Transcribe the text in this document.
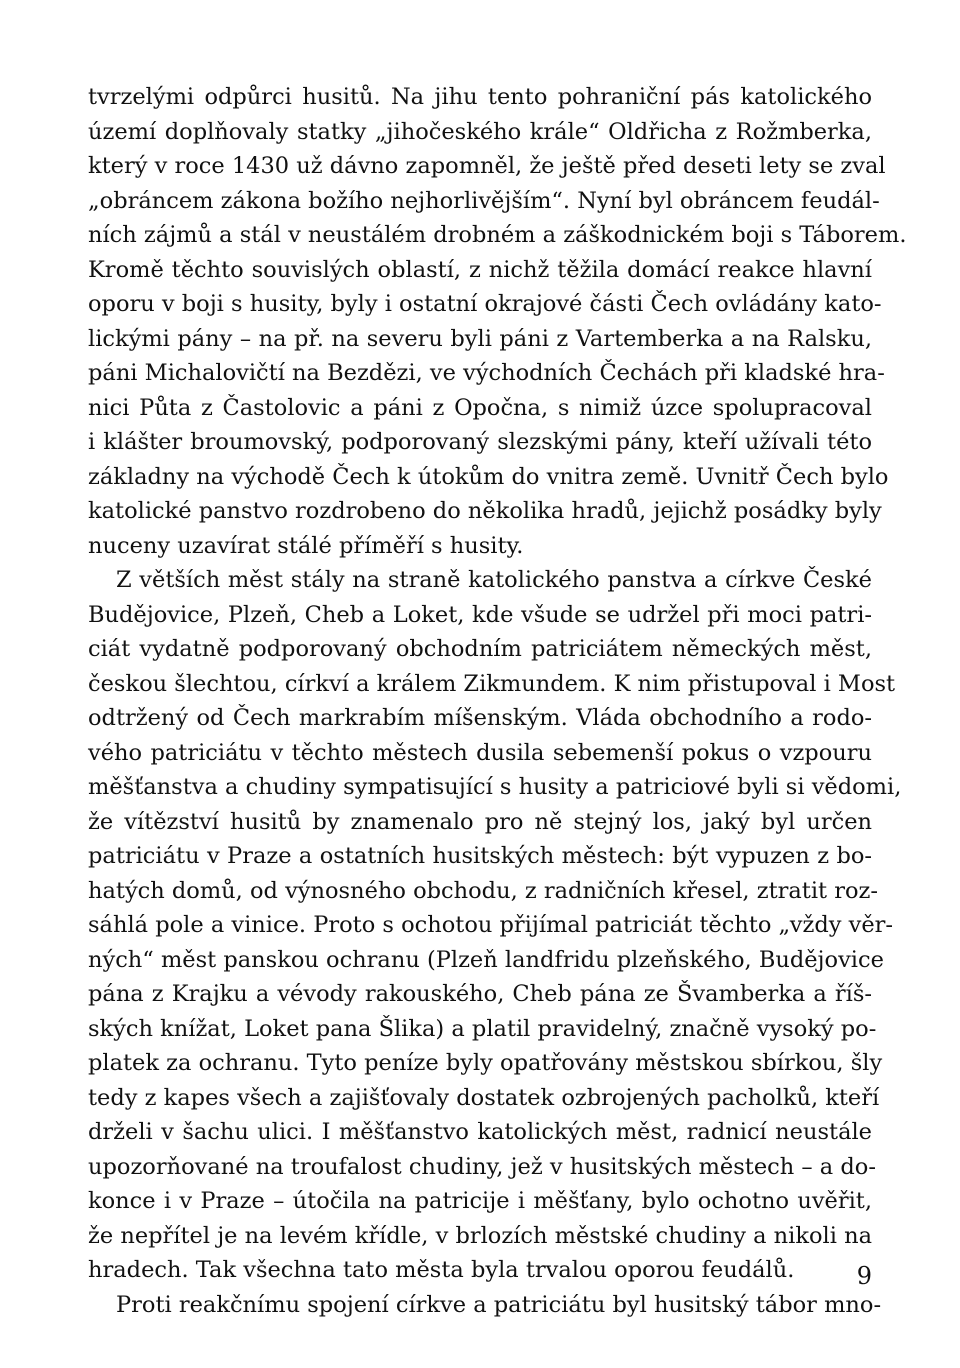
tvrzelými odpůrci husitů. Na jihu tento pohraniční pás katolického
území doplňovaly statky „jihočeského krále“ Oldřicha z Rožmberka,
který v roce 1430 už dávno zapomněl, že ještě před deseti lety se zval
„obráncem zákona božího nejhorlivějším“. Nyní byl obráncem feudál-
ních zájmů a stál v neustálém drobném a záškodnickém boji s Táborem.
Kromě těchto souvislých oblastí, z nichž těžila domácí reakce hlavní
oporu v boji s husity, byly i ostatní okrajové části Čech ovládány kato-
lickými pány – na př. na severu byli páni z Vartemberka a na Ralsku,
páni Michalovičtí na Bezdězi, ve východních Čechách při kladské hra-
nici Půta z Častolovic a páni z Opočna, s nimiž úzce spolupracoval
i klášter broumovský, podporovaný slezskými pány, kteří užívali této
základny na východě Čech k útokům do vnitra země. Uvnitř Čech bylo
katolické panstvo rozdrobeno do několika hradů, jejichž posádky byly
nuceny uzavírat stálé příměří s husity.
Z větších měst stály na straně katolického panstva a církve České
Budějovice, Plzeň, Cheb a Loket, kde všude se udržel při moci patri-
ciát vydatně podporovaný obchodním patriciátem německých měst,
českou šlechtou, církví a králem Zikmundem. K nim přistupoval i Most
odtržený od Čech markrabím míšenským. Vláda obchodního a rodo-
vého patriciátu v těchto městech dusila sebemenší pokus o vzpouru
měšťanstva a chudiny sympatisující s husity a patriciové byli si vědomi,
že vítězství husitů by znamenalo pro ně stejný los, jaký byl určen
patriciátu v Praze a ostatních husitských městech: být vypuzen z bo-
hatých domů, od výnosného obchodu, z radničních křesel, ztratit roz-
sáhlá pole a vinice. Proto s ochotou přijímal patriciát těchto „vždy věr-
ných“ měst panskou ochranu (Plzeň landfridu plzeňského, Budějovice
pána z Krajku a vévody rakouského, Cheb pána ze Švamberka a říš-
ských knížat, Loket pana Šlika) a platil pravidelný, značně vysoký po-
platek za ochranu. Tyto peníze byly opatřovány městskou sbírkou, šly
tedy z kapes všech a zajišťovaly dostatek ozbrojených pacholků, kteří
drželi v šachu ulici. I měšťanstvo katolických měst, radnicí neustále
upozorňované na troufalost chudiny, jež v husitských městech – a do-
konce i v Praze – útočila na patricije i měšťany, bylo ochotno uvěřit,
že nepřítel je na levém křídle, v brlozích městské chudiny a nikoli na
hradech. Tak všechna tato města byla trvalou oporou feudálů.
Proti reakčnímu spojení církve a patriciátu byl husitský tábor mno-
9
